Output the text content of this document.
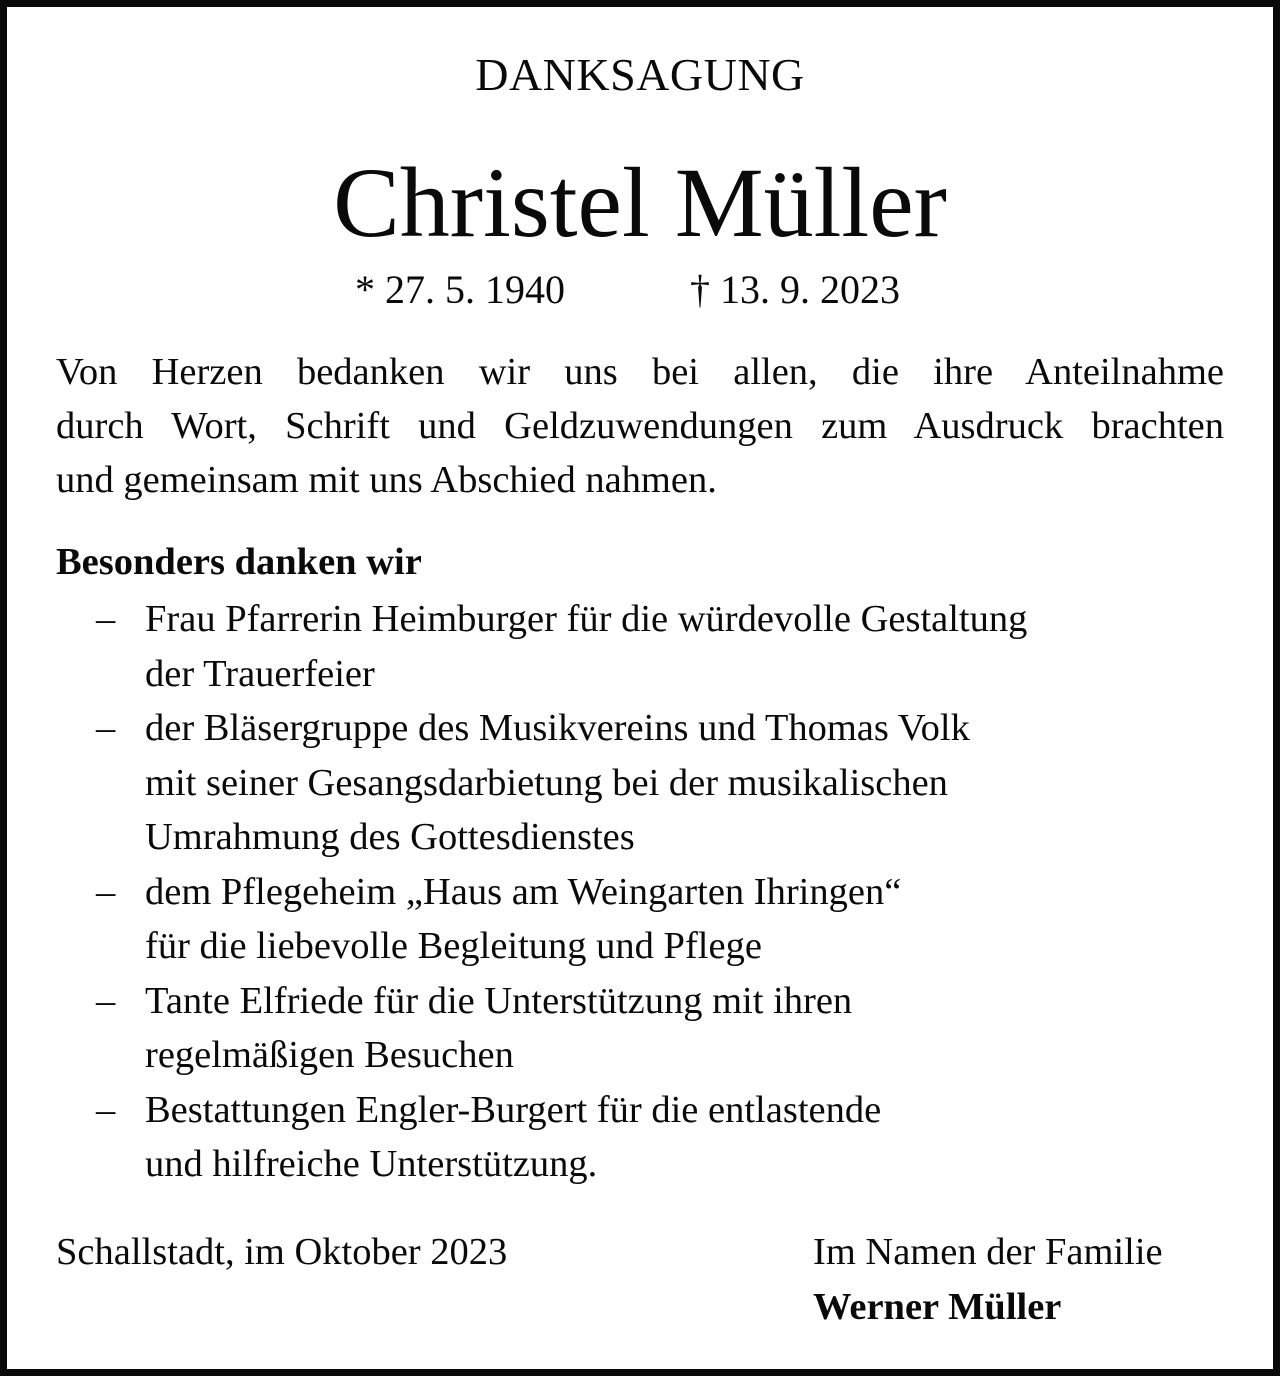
DANKSAGUNG
Christel Müller
* 27. 5. 1940	† 13. 9. 2023
Von Herzen bedanken wir uns bei allen, die ihre Anteilnahme
durch Wort, Schrift und Geldzuwendungen zum Ausdruck brachten
und gemeinsam mit uns Abschied nahmen.
Besonders danken wir
– Frau Pfarrerin Heimburger für die würdevolle Gestaltung
der Trauerfeier
– der Bläsergruppe des Musikvereins und Thomas Volk
mit seiner Gesangsdarbietung bei der musikalischen
Umrahmung des Gottesdienstes
– dem Pflegeheim „Haus am Weingarten Ihringen“
für die liebevolle Begleitung und Pflege
– Tante Elfriede für die Unterstützung mit ihren
regelmäßigen Besuchen
– Bestattungen Engler-Burgert für die entlastende
und hilfreiche Unterstützung.
Schallstadt, im Oktober 2023	Im Namen der Familie
Werner Müller
